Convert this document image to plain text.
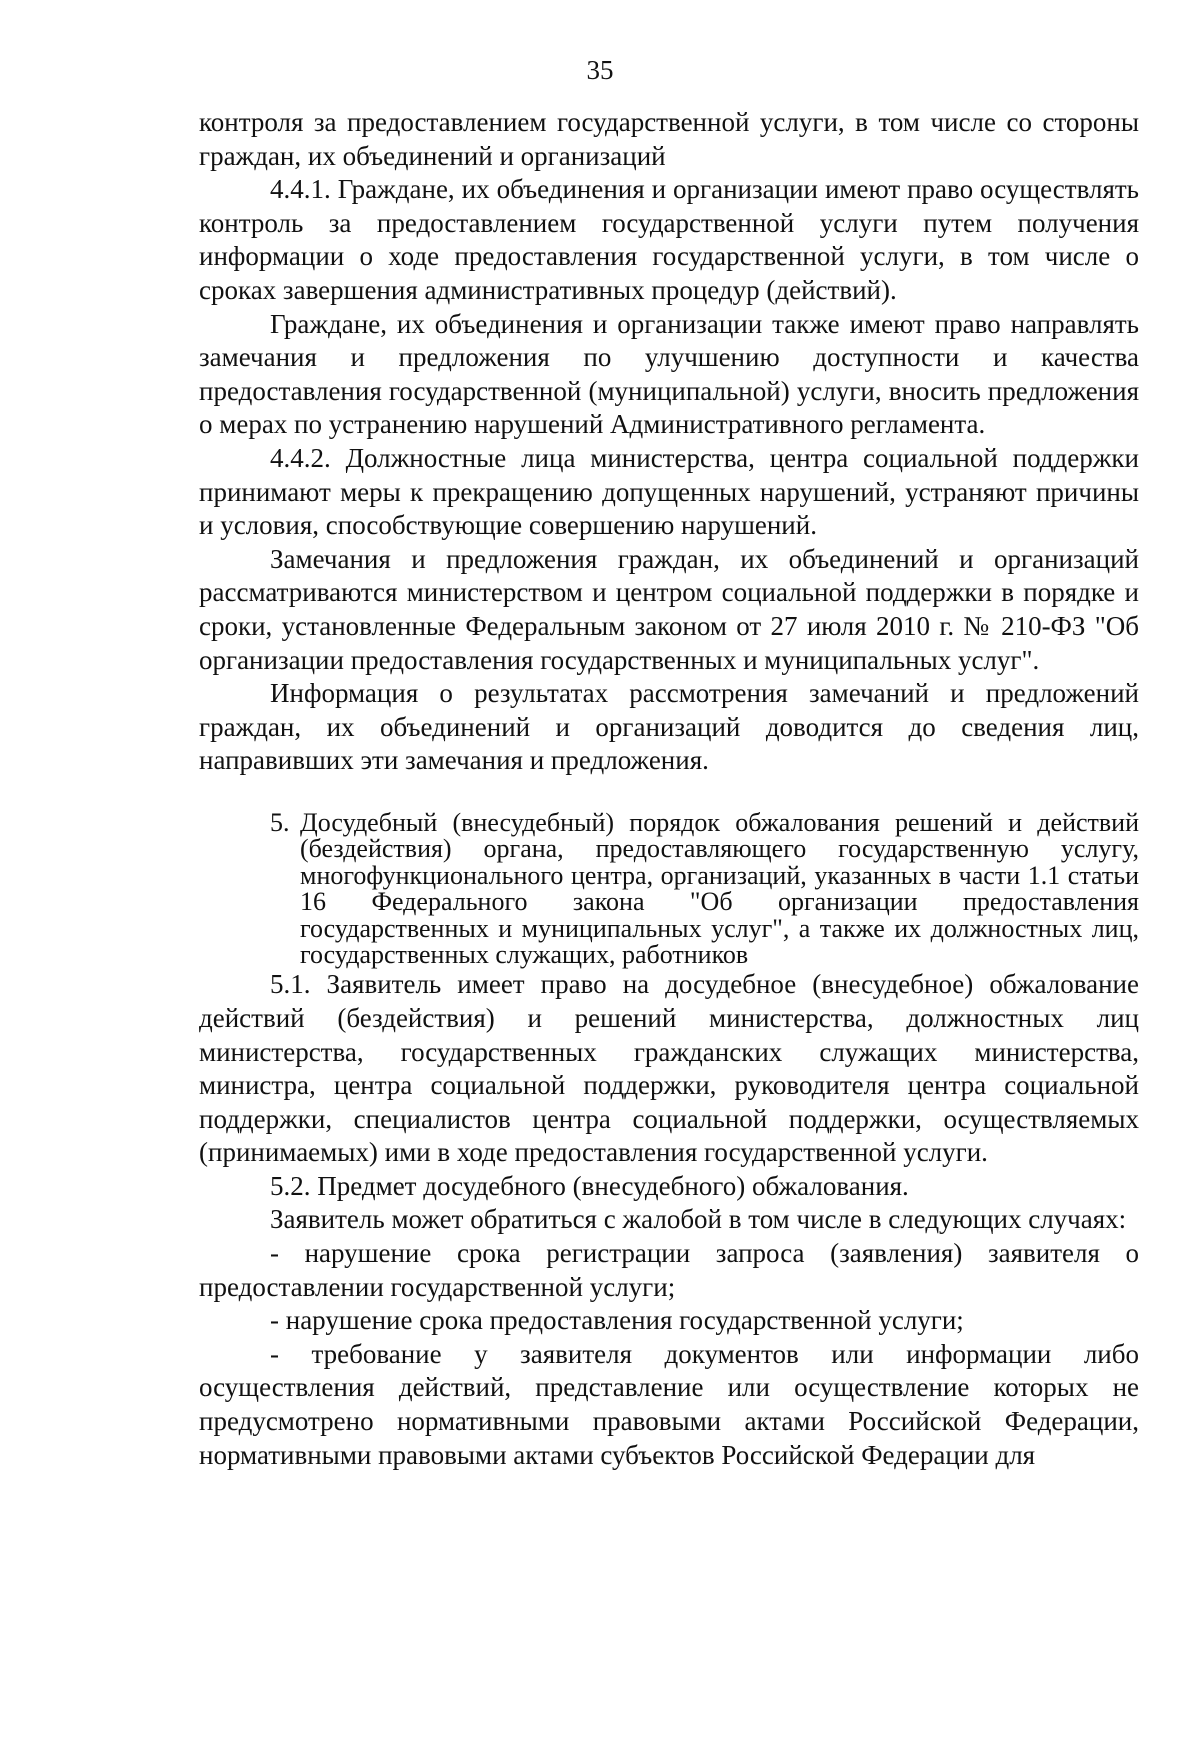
35

контроля за предоставлением государственной услуги, в том числе со стороны граждан, их объединений и организаций

4.4.1. Граждане, их объединения и организации имеют право осуществлять контроль за предоставлением государственной услуги путем получения информации о ходе предоставления государственной услуги, в том числе о сроках завершения административных процедур (действий).

Граждане, их объединения и организации также имеют право направлять замечания и предложения по улучшению доступности и качества предоставления государственной (муниципальной) услуги, вносить предложения о мерах по устранению нарушений Административного регламента.

4.4.2. Должностные лица министерства, центра социальной поддержки принимают меры к прекращению допущенных нарушений, устраняют причины и условия, способствующие совершению нарушений.

Замечания и предложения граждан, их объединений и организаций рассматриваются министерством и центром социальной поддержки в порядке и сроки, установленные Федеральным законом от 27 июля 2010 г. № 210-ФЗ "Об организации предоставления государственных и муниципальных услуг".

Информация о результатах рассмотрения замечаний и предложений граждан, их объединений и организаций доводится до сведения лиц, направивших эти замечания и предложения.

5. Досудебный (внесудебный) порядок обжалования решений и действий (бездействия) органа, предоставляющего государственную услугу, многофункционального центра, организаций, указанных в части 1.1 статьи 16 Федерального закона "Об организации предоставления государственных и муниципальных услуг", а также их должностных лиц, государственных служащих, работников

5.1. Заявитель имеет право на досудебное (внесудебное) обжалование действий (бездействия) и решений министерства, должностных лиц министерства, государственных гражданских служащих министерства, министра, центра социальной поддержки, руководителя центра социальной поддержки, специалистов центра социальной поддержки, осуществляемых (принимаемых) ими в ходе предоставления государственной услуги.

5.2. Предмет досудебного (внесудебного) обжалования.

Заявитель может обратиться с жалобой в том числе в следующих случаях:

- нарушение срока регистрации запроса (заявления) заявителя о предоставлении государственной услуги;

- нарушение срока предоставления государственной услуги;

- требование у заявителя документов или информации либо осуществления действий, представление или осуществление которых не предусмотрено нормативными правовыми актами Российской Федерации, нормативными правовыми актами субъектов Российской Федерации для
